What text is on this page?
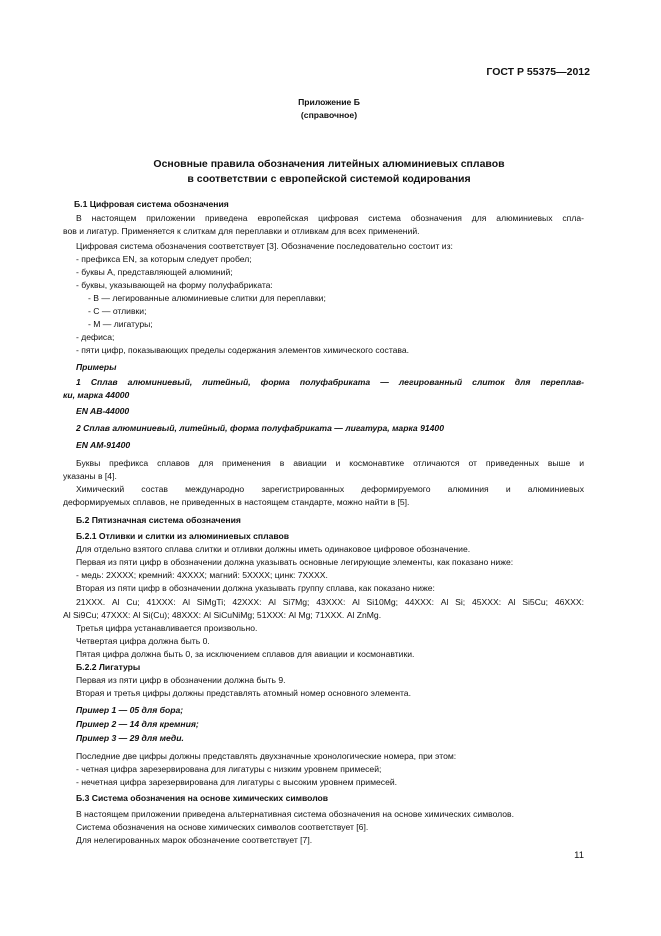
ГОСТ Р 55375—2012
Приложение Б
(справочное)
Основные правила обозначения литейных алюминиевых сплавов
в соответствии с европейской системой кодирования
Б.1 Цифровая система обозначения
В настоящем приложении приведена европейская цифровая система обозначения для алюминиевых спла-
вов и лигатур. Применяется к слиткам для переплавки и отливкам для всех применений.
Цифровая система обозначения соответствует [3]. Обозначение последовательно состоит из:
- префикса EN, за которым следует пробел;
- буквы А, представляющей алюминий;
- буквы, указывающей на форму полуфабриката:
- В — легированные алюминиевые слитки для переплавки;
- С — отливки;
- М — лигатуры;
- дефиса;
- пяти цифр, показывающих пределы содержания элементов химического состава.
Примеры
1 Сплав алюминиевый, литейный, форма полуфабриката — легированный слиток для переплав-
ки, марка 44000
EN AB-44000
2 Сплав алюминиевый, литейный, форма полуфабриката — лигатура, марка 91400
EN AM-91400
Буквы префикса сплавов для применения в авиации и космонавтике отличаются от приведенных выше и
указаны в [4].
Химический состав международно зарегистрированных деформируемого алюминия и алюминиевых
деформируемых сплавов, не приведенных в настоящем стандарте, можно найти в [5].
Б.2 Пятизначная система обозначения
Б.2.1 Отливки и слитки из алюминиевых сплавов
Для отдельно взятого сплава слитки и отливки должны иметь одинаковое цифровое обозначение.
Первая из пяти цифр в обозначении должна указывать основные легирующие элементы, как показано ниже:
- медь: 2ХХХХ; кремний: 4ХХХХ; магний: 5ХХХХ; цинк: 7ХХХХ.
Вторая из пяти цифр в обозначении должна указывать группу сплава, как показано ниже:
21ХХХ. Al Cu; 41ХХХ: Al SiMgTi; 42ХХХ: Al Si7Mg; 43ХХХ: Al Si10Mg; 44ХХХ: Al Si; 45ХХХ: Al Si5Cu; 46ХХХ:
Al Si9Cu; 47ХХХ: Al Si(Cu); 48ХХХ: Al SiCuNiMg; 51ХХХ: Al Mg; 71ХХХ. Al ZnMg.
Третья цифра устанавливается произвольно.
Четвертая цифра должна быть 0.
Пятая цифра должна быть 0, за исключением сплавов для авиации и космонавтики.
Б.2.2 Лигатуры
Первая из пяти цифр в обозначении должна быть 9.
Вторая и третья цифры должны представлять атомный номер основного элемента.
Пример 1 — 05 для бора;
Пример 2 — 14 для кремния;
Пример 3 — 29 для меди.
Последние две цифры должны представлять двухзначные хронологические номера, при этом:
- четная цифра зарезервирована для лигатуры с низким уровнем примесей;
- нечетная цифра зарезервирована для лигатуры с высоким уровнем примесей.
Б.3 Система обозначения на основе химических символов
В настоящем приложении приведена альтернативная система обозначения на основе химических символов.
Система обозначения на основе химических символов соответствует [6].
Для нелегированных марок обозначение соответствует [7].
11
